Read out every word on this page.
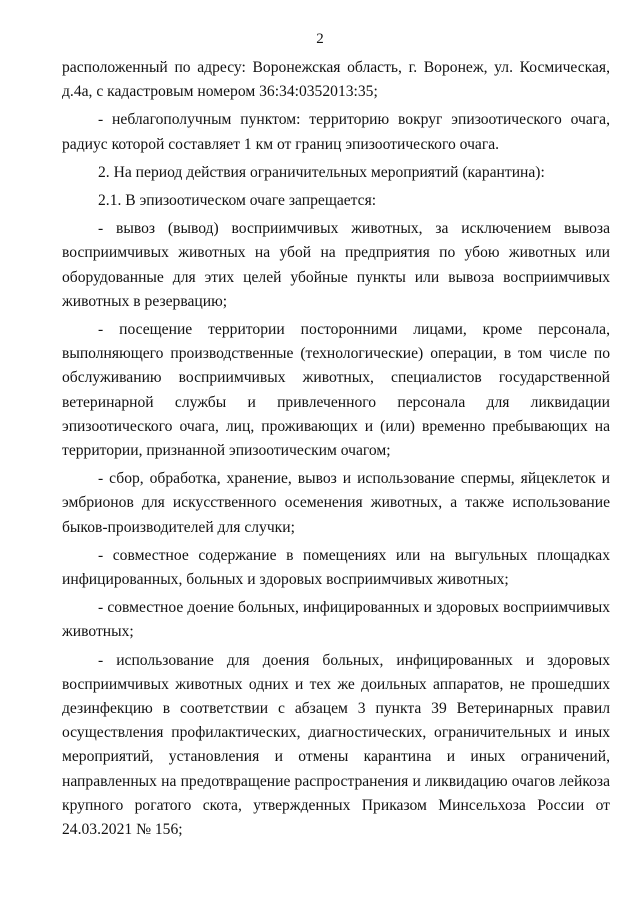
2

расположенный по адресу: Воронежская область, г. Воронеж, ул. Космическая, д.4а, с кадастровым номером 36:34:0352013:35;

- неблагополучным пунктом: территорию вокруг эпизоотического очага, радиус которой составляет 1 км от границ эпизоотического очага.

2. На период действия ограничительных мероприятий (карантина):

2.1. В эпизоотическом очаге запрещается:

- вывоз (вывод) восприимчивых животных, за исключением вывоза восприимчивых животных на убой на предприятия по убою животных или оборудованные для этих целей убойные пункты или вывоза восприимчивых животных в резервацию;

- посещение территории посторонними лицами, кроме персонала, выполняющего производственные (технологические) операции, в том числе по обслуживанию восприимчивых животных, специалистов государственной ветеринарной службы и привлеченного персонала для ликвидации эпизоотического очага, лиц, проживающих и (или) временно пребывающих на территории, признанной эпизоотическим очагом;

- сбор, обработка, хранение, вывоз и использование спермы, яйцеклеток и эмбрионов для искусственного осеменения животных, а также использование быков-производителей для случки;

- совместное содержание в помещениях или на выгульных площадках инфицированных, больных и здоровых восприимчивых животных;

- совместное доение больных, инфицированных и здоровых восприимчивых животных;

- использование для доения больных, инфицированных и здоровых восприимчивых животных одних и тех же доильных аппаратов, не прошедших дезинфекцию в соответствии с абзацем 3 пункта 39 Ветеринарных правил осуществления профилактических, диагностических, ограничительных и иных мероприятий, установления и отмены карантина и иных ограничений, направленных на предотвращение распространения и ликвидацию очагов лейкоза крупного рогатого скота, утвержденных Приказом Минсельхоза России от 24.03.2021 № 156;
